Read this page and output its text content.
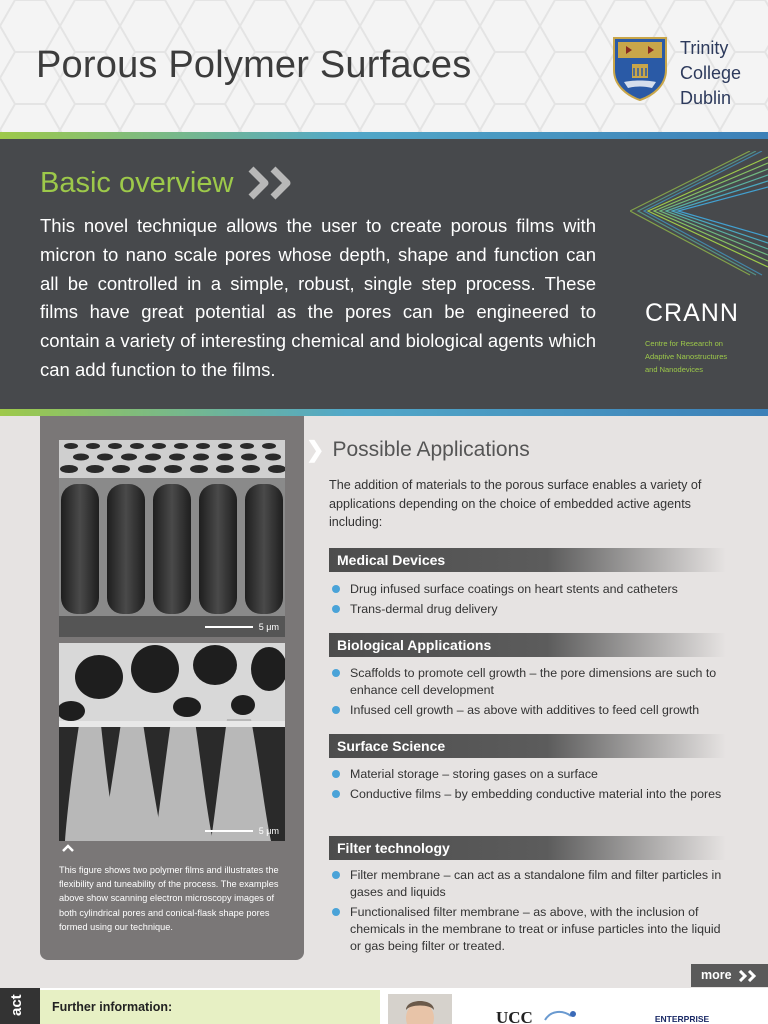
Porous Polymer Surfaces	Trinity
College
Dublin
Basic overview

This novel technique allows the user to create porous films with micron to nano scale pores whose depth, shape and function can all be controlled in a simple, robust, single step process. These films have great potential as the pores can be engineered to contain a variety of interesting chemical and biological agents which can add function to the films.

CRANN
Centre for Research on
Adaptive Nanostructures
and Nanodevices
5 μm
5 μm

This figure shows two polymer films and illustrates the flexibility and tuneability of the process. The examples above show scanning electron microscopy images of both cylindrical pores and conical-flask shape pores formed using our technique.

❯ Possible Applications

The addition of materials to the porous surface enables a variety of applications depending on the choice of embedded active agents including:

Medical Devices
Drug infused surface coatings on heart stents and catheters
Trans-dermal drug delivery
Biological Applications
Scaffolds to promote cell growth – the pore dimensions are such to enhance cell development
Infused cell growth – as above with additives to feed cell growth
Surface Science
Material storage – storing gases on a surface
Conductive films – by embedding conductive material into the pores
Filter technology
Filter membrane – can act as a standalone film and filter particles in gases and liquids
Functionalised filter membrane – as above, with the inclusion of chemicals in the membrane to treat or infuse particles into the liquid or gas being filter or treated.
more
act Further information:
UCC	ENTERPRISE
